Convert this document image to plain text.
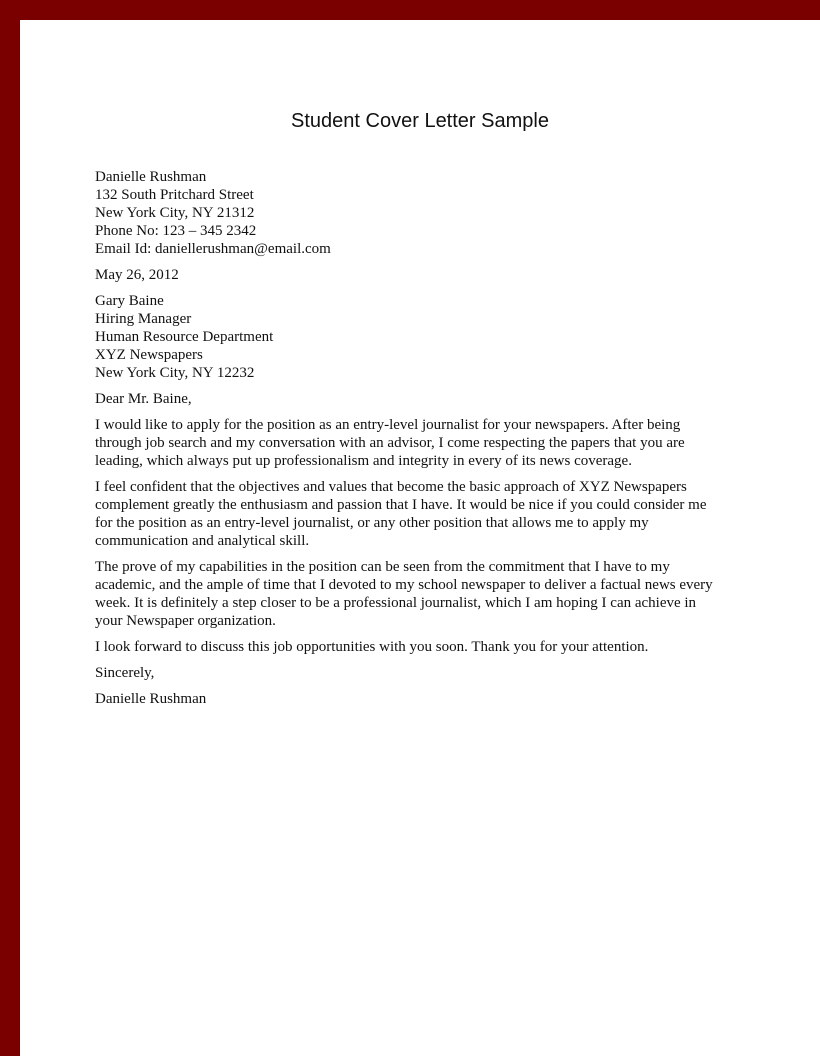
Student Cover Letter Sample
Danielle Rushman
132 South Pritchard Street
New York City, NY 21312
Phone No: 123 – 345 2342
Email Id: daniellerushman@email.com
May 26, 2012
Gary Baine
Hiring Manager
Human Resource Department
XYZ Newspapers
New York City, NY 12232
Dear Mr. Baine,
I would like to apply for the position as an entry-level journalist for your newspapers. After being
through job search and my conversation with an advisor, I come respecting the papers that you are
leading, which always put up professionalism and integrity in every of its news coverage.
I feel confident that the objectives and values that become the basic approach of XYZ Newspapers
complement greatly the enthusiasm and passion that I have. It would be nice if you could consider me
for the position as an entry-level journalist, or any other position that allows me to apply my
communication and analytical skill.
The prove of my capabilities in the position can be seen from the commitment that I have to my
academic, and the ample of time that I devoted to my school newspaper to deliver a factual news every
week. It is definitely a step closer to be a professional journalist, which I am hoping I can achieve in
your Newspaper organization.
I look forward to discuss this job opportunities with you soon. Thank you for your attention.
Sincerely,
Danielle Rushman
